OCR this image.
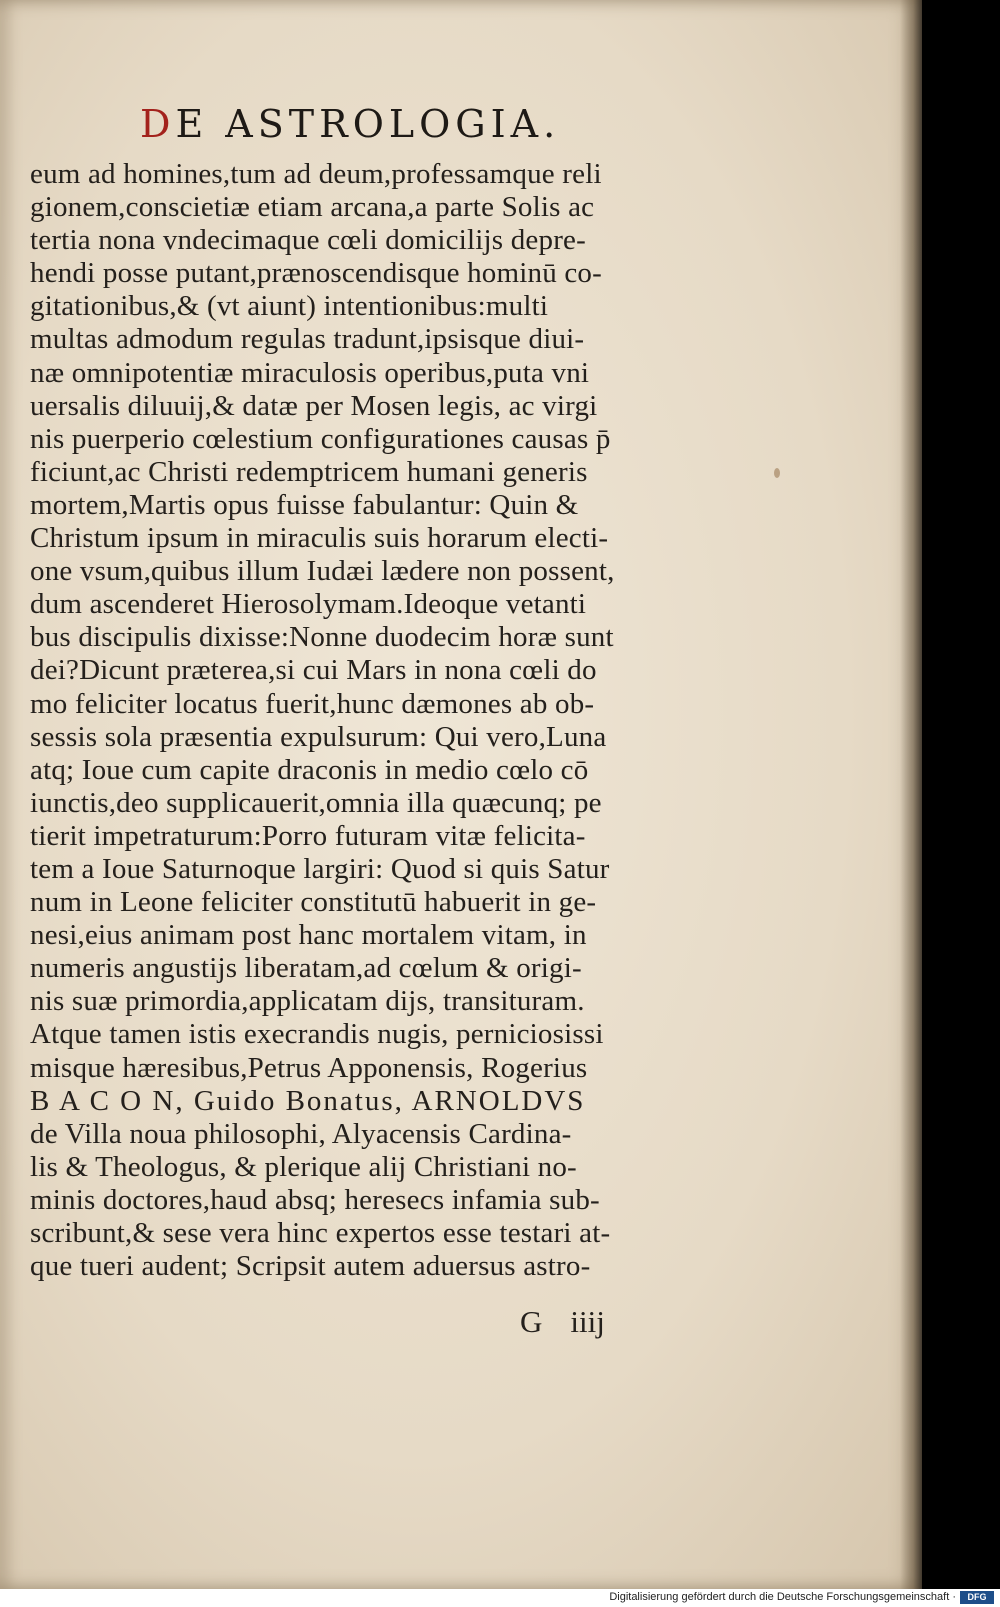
DE ASTROLOGIA.
eum ad homines,tum ad deum,professamque reli
gionem,conscietiæ etiam arcana,a parte Solis ac
tertia nona vndecimaque cœli domicilijs depre-
hendi posse putant,prænoscendisque hominū co-
gitationibus,& (vt aiunt) intentionibus:multi
multas admodum regulas tradunt,ipsisque diui-
næ omnipotentiæ miraculosis operibus,puta vni
uersalis diluuij,& datæ per Mosen legis, ac virgi
nis puerperio cœlestium configurationes causas p̄
ficiunt,ac Christi redemptricem humani generis
mortem,Martis opus fuisse fabulantur: Quin &
Christum ipsum in miraculis suis horarum electi-
one vsum,quibus illum Iudæi lædere non possent,
dum ascenderet Hierosolymam.Ideoque vetanti
bus discipulis dixisse:Nonne duodecim horæ sunt
dei?Dicunt præterea,si cui Mars in nona cœli do
mo feliciter locatus fuerit,hunc dæmones ab ob-
sessis sola præsentia expulsurum: Qui vero,Luna
atq; Ioue cum capite draconis in medio cœlo cō
iunctis,deo supplicauerit,omnia illa quæcunq; pe
tierit impetraturum:Porro futuram vitæ felicita-
tem a Ioue Saturnoque largiri: Quod si quis Satur
num in Leone feliciter constitutū habuerit in ge-
nesi,eius animam post hanc mortalem vitam, in
numeris angustijs liberatam,ad cœlum & origi-
nis suæ primordia,applicatam dijs, transituram.
Atque tamen istis execrandis nugis, perniciosissi
misque hæresibus,Petrus Apponensis, Rogerius
B A C O N, Guido Bonatus, ARNOLDVS
de Villa noua philosophi, Alyacensis Cardina-
lis & Theologus, & plerique alij Christiani no-
minis doctores,haud absq; heresecs infamia sub-
scribunt,& sese vera hinc expertos esse testari at-
que tueri audent; Scripsit autem aduersus astro-
G iiij
Digitalisierung gefördert durch die Deutsche Forschungsgemeinschaft ·	DFG
